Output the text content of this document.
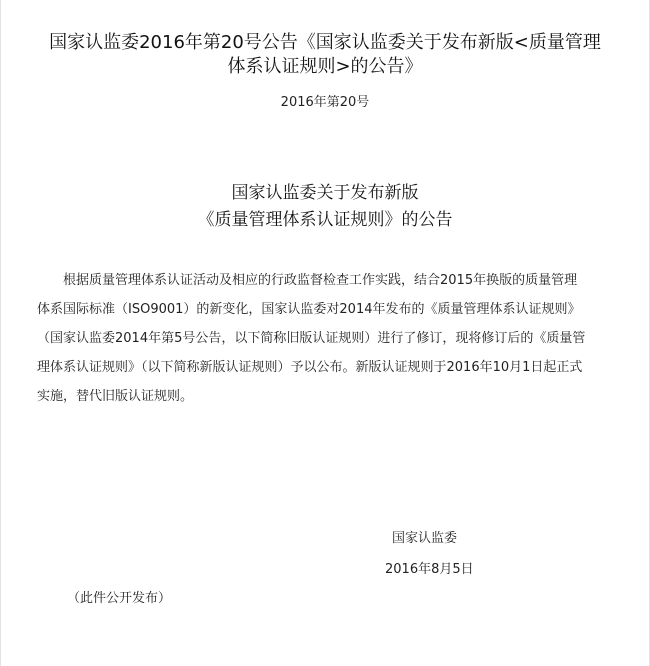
国家认监委2016年第20号公告《国家认监委关于发布新版<质量管理
体系认证规则>的公告》
2016年第20号
国家认监委关于发布新版
《质量管理体系认证规则》的公告
根据质量管理体系认证活动及相应的行政监督检查工作实践，结合2015年换版的质量管理
体系国际标准（ISO9001）的新变化，国家认监委对2014年发布的《质量管理体系认证规则》
（国家认监委2014年第5号公告，以下简称旧版认证规则）进行了修订，现将修订后的《质量管
理体系认证规则》（以下简称新版认证规则）予以公布。新版认证规则于2016年10月1日起正式
实施，替代旧版认证规则。
国家认监委
2016年8月5日
（此件公开发布）
